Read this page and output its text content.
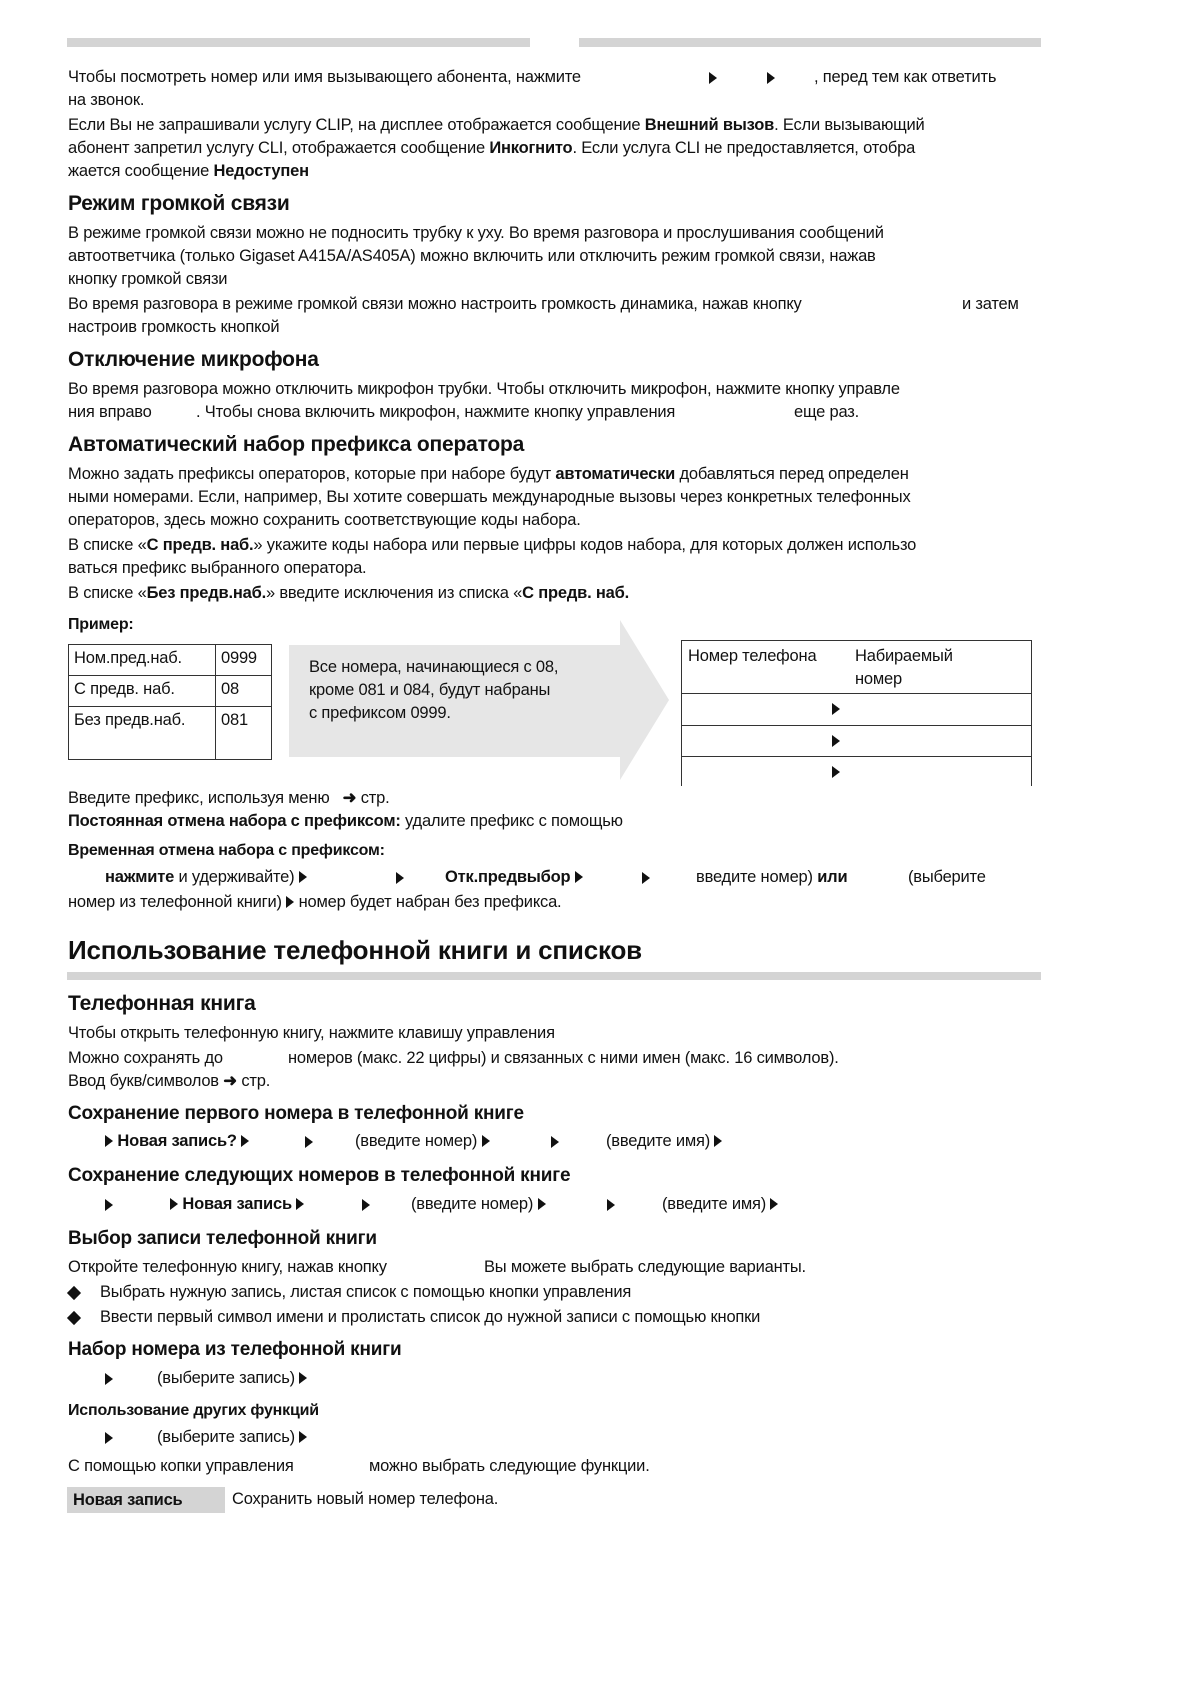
Чтобы посмотреть номер или имя вызывающего абонента, нажмите	, перед тем как ответить
на звонок.
Если Вы не запрашивали услугу CLIP, на дисплее отображается сообщение Внешний вызов. Если вызывающий
абонент запретил услугу CLI, отображается сообщение Инкогнито. Если услуга CLI не предоставляется, отобра
жается сообщение Недоступен
Режим громкой связи
В режиме громкой связи можно не подносить трубку к уху. Во время разговора и прослушивания сообщений
автоответчика (только Gigaset A415A/AS405A) можно включить или отключить режим громкой связи, нажав
кнопку громкой связи
Во время разговора в режиме громкой связи можно настроить громкость динамика, нажав кнопку	и затем
настроив громкость кнопкой
Отключение микрофона
Во время разговора можно отключить микрофон трубки. Чтобы отключить микрофон, нажмите кнопку управле
ния вправо	. Чтобы снова включить микрофон, нажмите кнопку управления	еще раз.
Автоматический набор префикса оператора
Можно задать префиксы операторов, которые при наборе будут автоматически добавляться перед определен
ными номерами. Если, например, Вы хотите совершать международные вызовы через конкретных телефонных
операторов, здесь можно сохранить соответствующие коды набора.
В списке «С предв. наб.» укажите коды набора или первые цифры кодов набора, для которых должен использо
ваться префикс выбранного оператора.
В списке «Без предв.наб.» введите исключения из списка «С предв. наб.
Пример:
Ном.пред.наб.	0999
С предв. наб.	08
Без предв.наб.	081
Все номера, начинающиеся с 08,
кроме 081 и 084, будут набраны
с префиксом 0999.
Номер телефона	Набираемый номер
Введите префикс, используя меню ➜ стр.
Постоянная отмена набора с префиксом: удалите префикс с помощью
Временная отмена набора с префиксом:
нажмите и удерживайте)	Отк.предвыбор	введите номер) или	(выберите
номер из телефонной книги) номер будет набран без префикса.
Использование телефонной книги и списков
Телефонная книга
Чтобы открыть телефонную книгу, нажмите клавишу управления
Можно сохранять до	номеров (макс. 22 цифры) и связанных с ними имен (макс. 16 символов).
Ввод букв/символов ➜ стр.
Сохранение первого номера в телефонной книге
Новая запись?	(введите номер)	(введите имя)
Сохранение следующих номеров в телефонной книге
Новая запись	(введите номер)	(введите имя)
Выбор записи телефонной книги
Откройте телефонную книгу, нажав кнопку	Вы можете выбрать следующие варианты.
Выбрать нужную запись, листая список с помощью кнопки управления
Ввести первый символ имени и пролистать список до нужной записи с помощью кнопки
Набор номера из телефонной книги
(выберите запись)
Использование других функций
(выберите запись)
С помощью копки управления	можно выбрать следующие функции.
Новая запись	Сохранить новый номер телефона.
